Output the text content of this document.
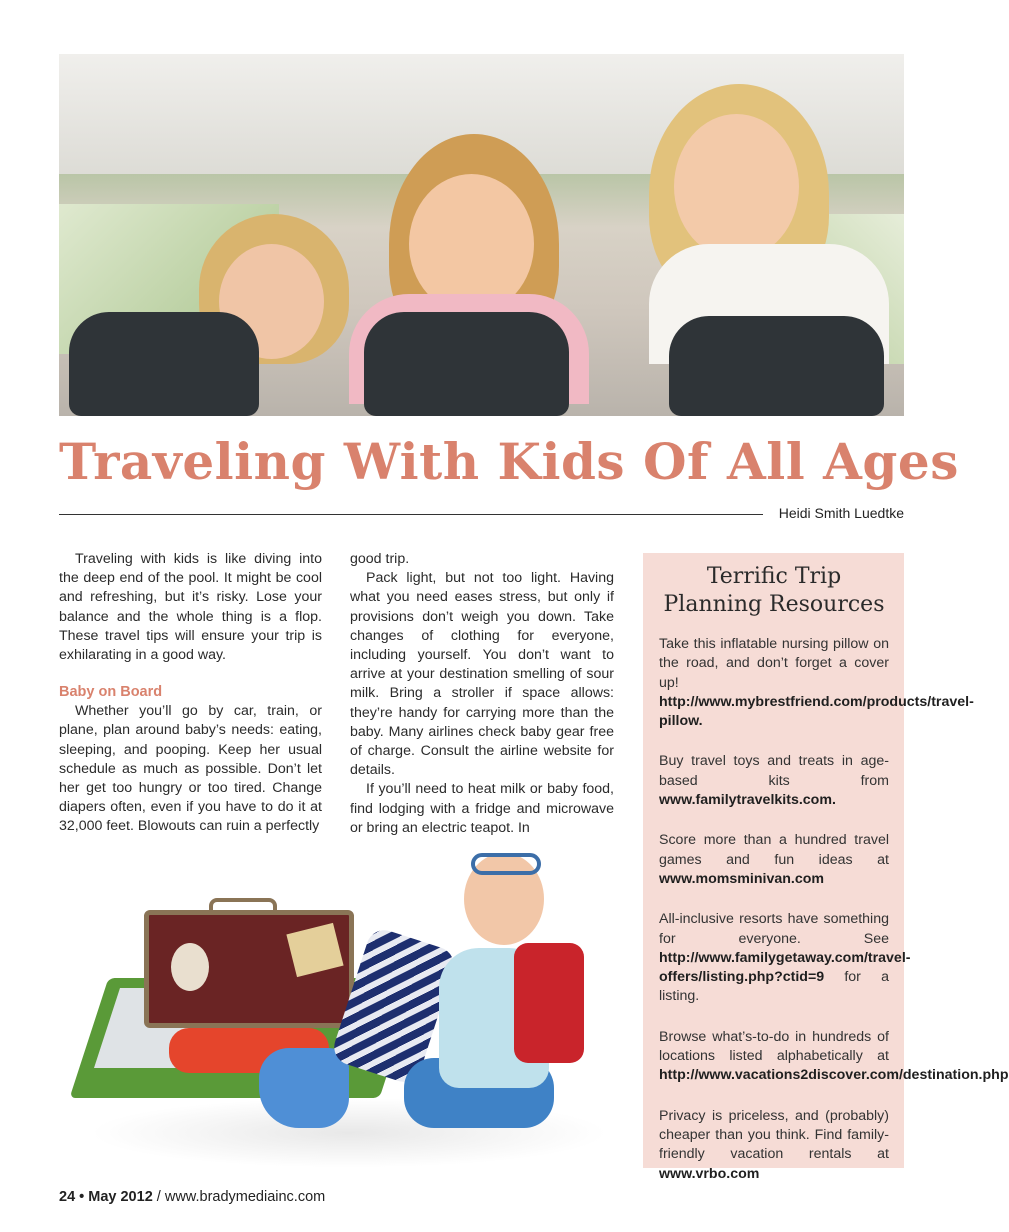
Traveling With Kids Of All Ages
Heidi Smith Luedtke

Traveling with kids is like diving into the deep end of the pool. It might be cool and refreshing, but it’s risky. Lose your balance and the whole thing is a flop. These travel tips will ensure your trip is exhilarating in a good way.

Baby on Board

Whether you’ll go by car, train, or plane, plan around baby’s needs: eating, sleeping, and pooping. Keep her usual schedule as much as possible. Don’t let her get too hungry or too tired. Change diapers often, even if you have to do it at 32,000 feet. Blowouts can ruin a perfectly

good trip.

Pack light, but not too light. Having what you need eases stress, but only if provisions don’t weigh you down. Take changes of clothing for everyone, including yourself. You don’t want to arrive at your destination smelling of sour milk. Bring a stroller if space allows: they’re handy for carrying more than the baby. Many airlines check baby gear free of charge. Consult the airline website for details.

If you’ll need to heat milk or baby food, find lodging with a fridge and microwave or bring an electric teapot. In

Terrific Trip
Planning Resources

Take this inflatable nursing pillow on the road, and don’t forget a cover up! http://www.mybrestfriend.com/products/travel-pillow.

Buy travel toys and treats in age-based kits from www.familytravelkits.com.

Score more than a hundred travel games and fun ideas at www.momsminivan.com

All-inclusive resorts have something for everyone. See http://www.familygetaway.com/travel-offers/listing.php?ctid=9 for a listing.

Browse what’s-to-do in hundreds of locations listed alphabetically at http://www.vacations2discover.com/destination.php

Privacy is priceless, and (probably) cheaper than you think. Find family-friendly vacation rentals at www.vrbo.com

24 • May 2012 / www.bradymediainc.com
